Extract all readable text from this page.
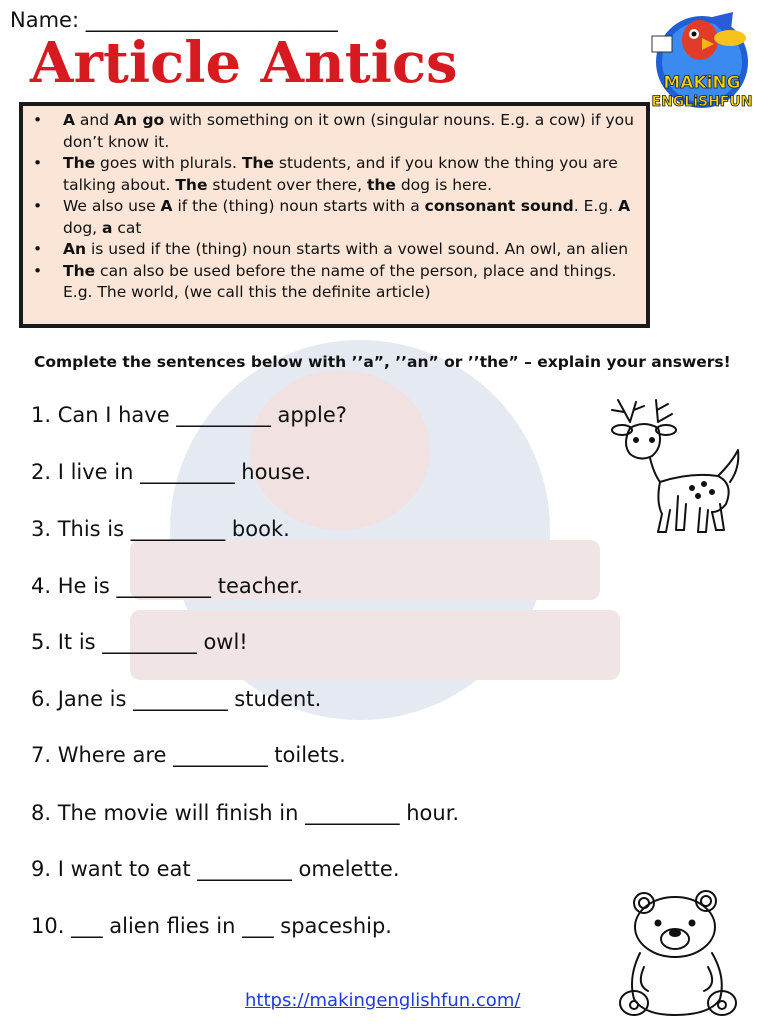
Name: ________________________
Article Antics	MAKiNG
ENGLiSHFUN
• A and An go with something on it own (singular nouns. E.g. a cow) if you don’t know it.
• The goes with plurals. The students, and if you know the thing you are talking about. The student over there, the dog is here.
• We also use A if the (thing) noun starts with a consonant sound. E.g. A dog, a cat
• An is used if the (thing) noun starts with a vowel sound. An owl, an alien
• The can also be used before the name of the person, place and things. E.g. The world, (we call this the definite article)
Complete the sentences below with ’’a”, ’’an” or ’’the” – explain your answers!
1. Can I have _________ apple?
2. I live in _________ house.
3. This is _________ book.
4. He is _________ teacher.
5. It is _________ owl!
6. Jane is _________ student.
7. Where are _________ toilets.
8. The movie will finish in _________ hour.
9. I want to eat _________ omelette.
10. ___ alien flies in ___ spaceship.
https://makingenglishfun.com/
